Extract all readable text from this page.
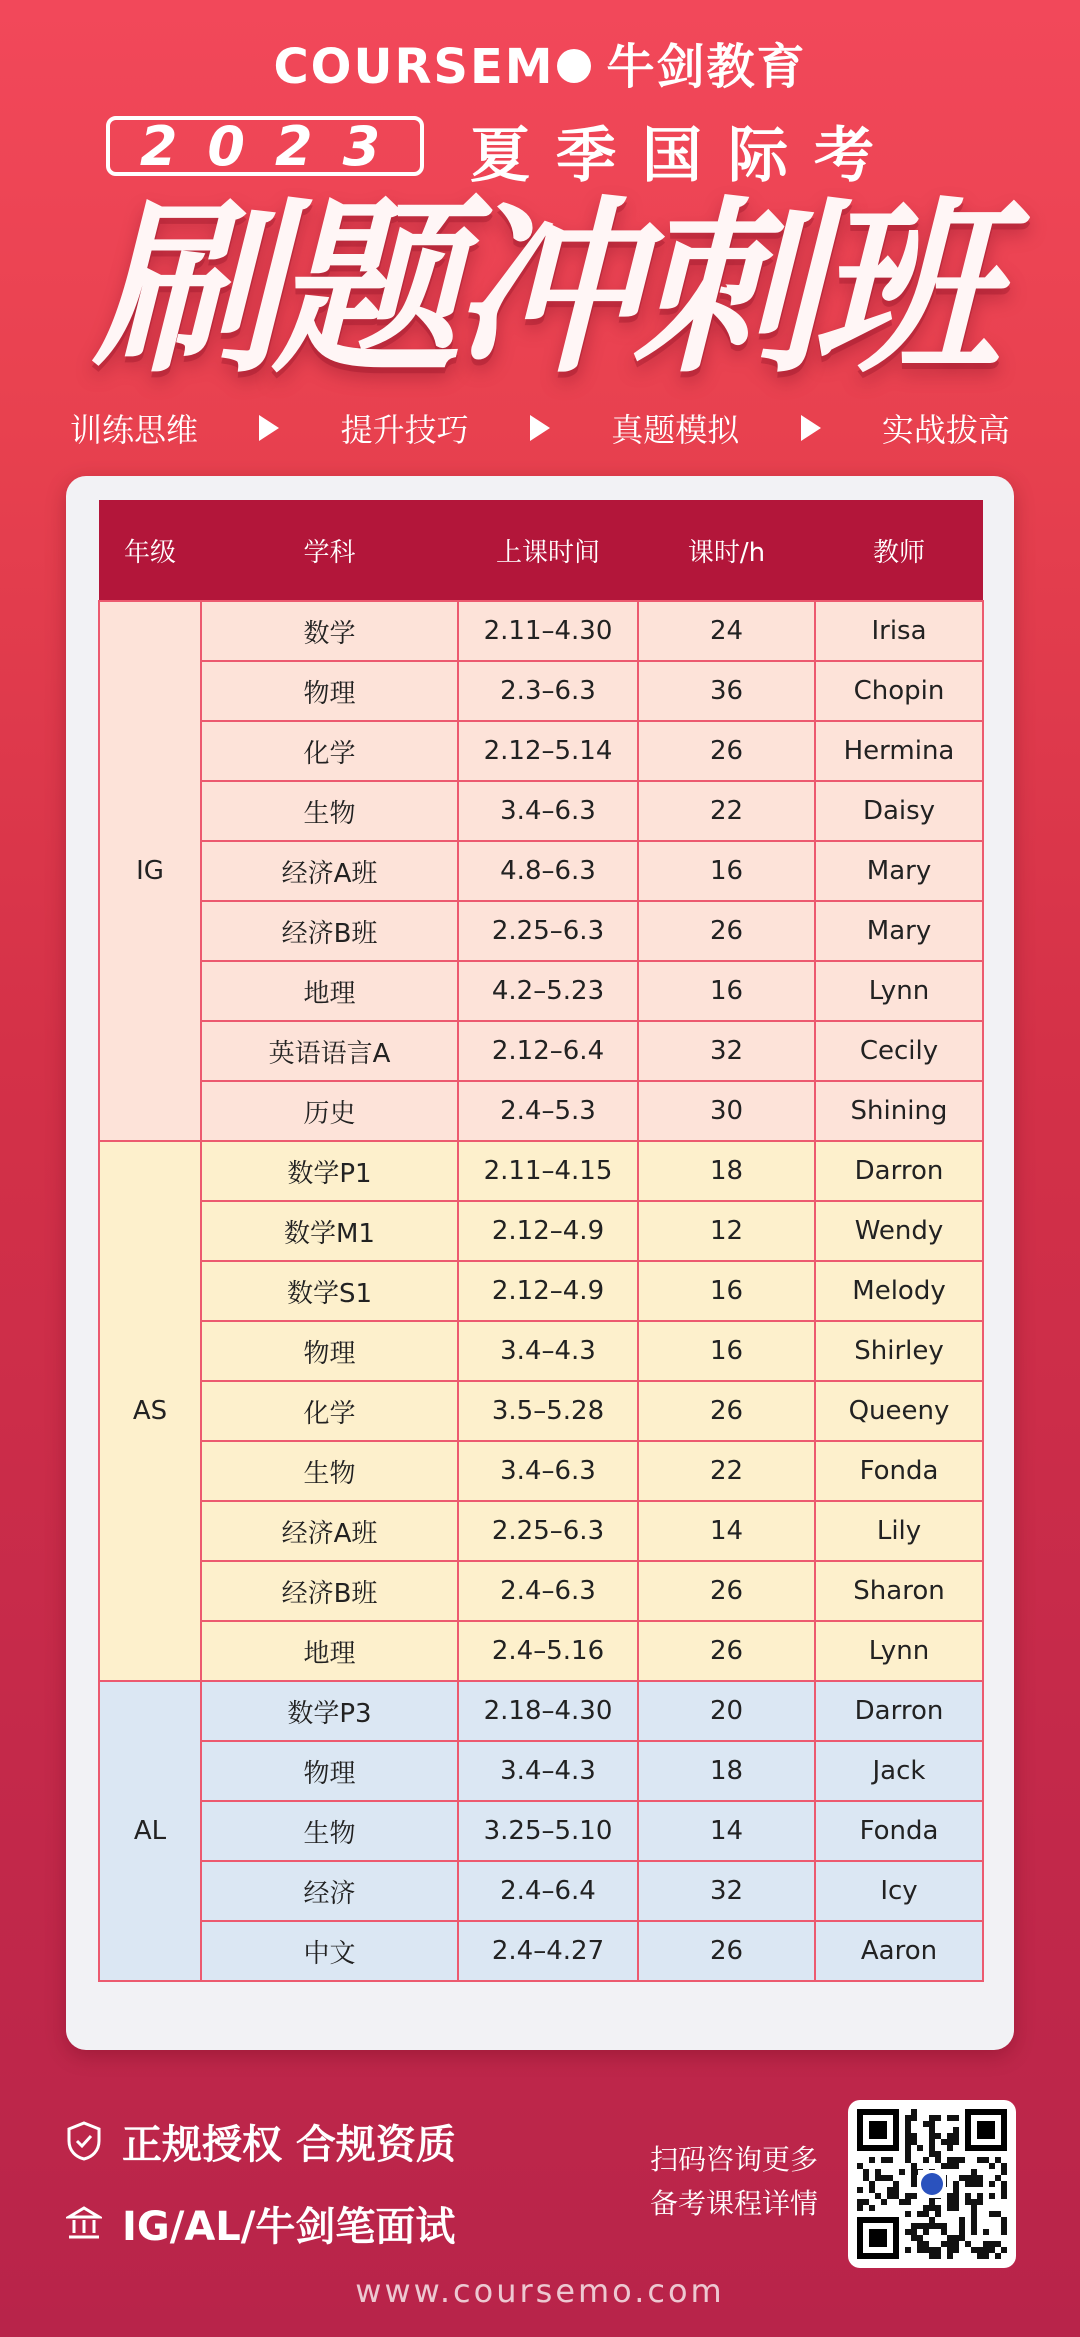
COURSEM 牛剑教育
2023 夏季国际考
刷题冲刺班
训练思维	提升技巧	真题模拟	实战拔高
年级	学科	上课时间	课时/h	教师
IG	数学	2.11–4.30	24	Irisa
	物理	2.3–6.3	36	Chopin
	化学	2.12–5.14	26	Hermina
	生物	3.4–6.3	22	Daisy
	经济A班	4.8–6.3	16	Mary
	经济B班	2.25–6.3	26	Mary
	地理	4.2–5.23	16	Lynn
	英语语言A	2.12–6.4	32	Cecily
	历史	2.4–5.3	30	Shining
AS	数学P1	2.11–4.15	18	Darron
	数学M1	2.12–4.9	12	Wendy
	数学S1	2.12–4.9	16	Melody
	物理	3.4–4.3	16	Shirley
	化学	3.5–5.28	26	Queeny
	生物	3.4–6.3	22	Fonda
	经济A班	2.25–6.3	14	Lily
	经济B班	2.4–6.3	26	Sharon
	地理	2.4–5.16	26	Lynn
AL	数学P3	2.18–4.30	20	Darron
	物理	3.4–4.3	18	Jack
	生物	3.25–5.10	14	Fonda
	经济	2.4–6.4	32	Icy
	中文	2.4–4.27	26	Aaron
正规授权 合规资质
IG/AL/牛剑笔面试
扫码咨询更多
备考课程详情
www.coursemo.com
